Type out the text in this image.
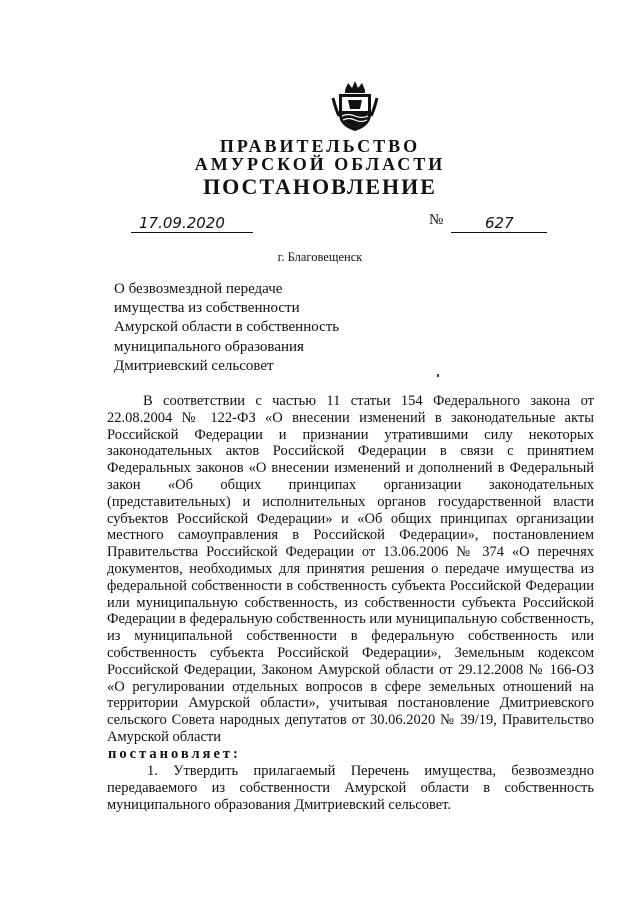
ПРАВИТЕЛЬСТВО
АМУРСКОЙ ОБЛАСТИ
ПОСТАНОВЛЕНИЕ
17.09.2020	№	627
г. Благовещенск
О безвозмездной передаче
имущества из собственности
Амурской области в собственность
муниципального образования
Дмитриевский сельсовет

В соответствии с частью 11 статьи 154 Федерального закона от 22.08.2004 № 122-ФЗ «О внесении изменений в законодательные акты Российской Федерации и признании утратившими силу некоторых законодательных актов Российской Федерации в связи с принятием Федеральных законов «О внесении изменений и дополнений в Федеральный закон «Об общих принципах организации законодательных (представительных) и исполнительных органов государственной власти субъектов Российской Федерации» и «Об общих принципах организации местного самоуправления в Российской Федерации», постановлением Правительства Российской Федерации от 13.06.2006 № 374 «О перечнях документов, необходимых для принятия решения о передаче имущества из федеральной собственности в собственность субъекта Российской Федерации или муниципальную собственность, из собственности субъекта Российской Федерации в федеральную собственность или муниципальную собственность, из муниципальной собственности в федеральную собственность или собственность субъекта Российской Федерации», Земельным кодексом Российской Федерации, Законом Амурской области от 29.12.2008 № 166-ОЗ «О регулировании отдельных вопросов в сфере земельных отношений на территории Амурской области», учитывая постановление Дмитриевского сельского Совета народных депутатов от 30.06.2020 № 39/19, Правительство Амурской области

постановляет:
1. Утвердить прилагаемый Перечень имущества, безвозмездно передаваемого из собственности Амурской области в собственность муниципального образования Дмитриевский сельсовет.
